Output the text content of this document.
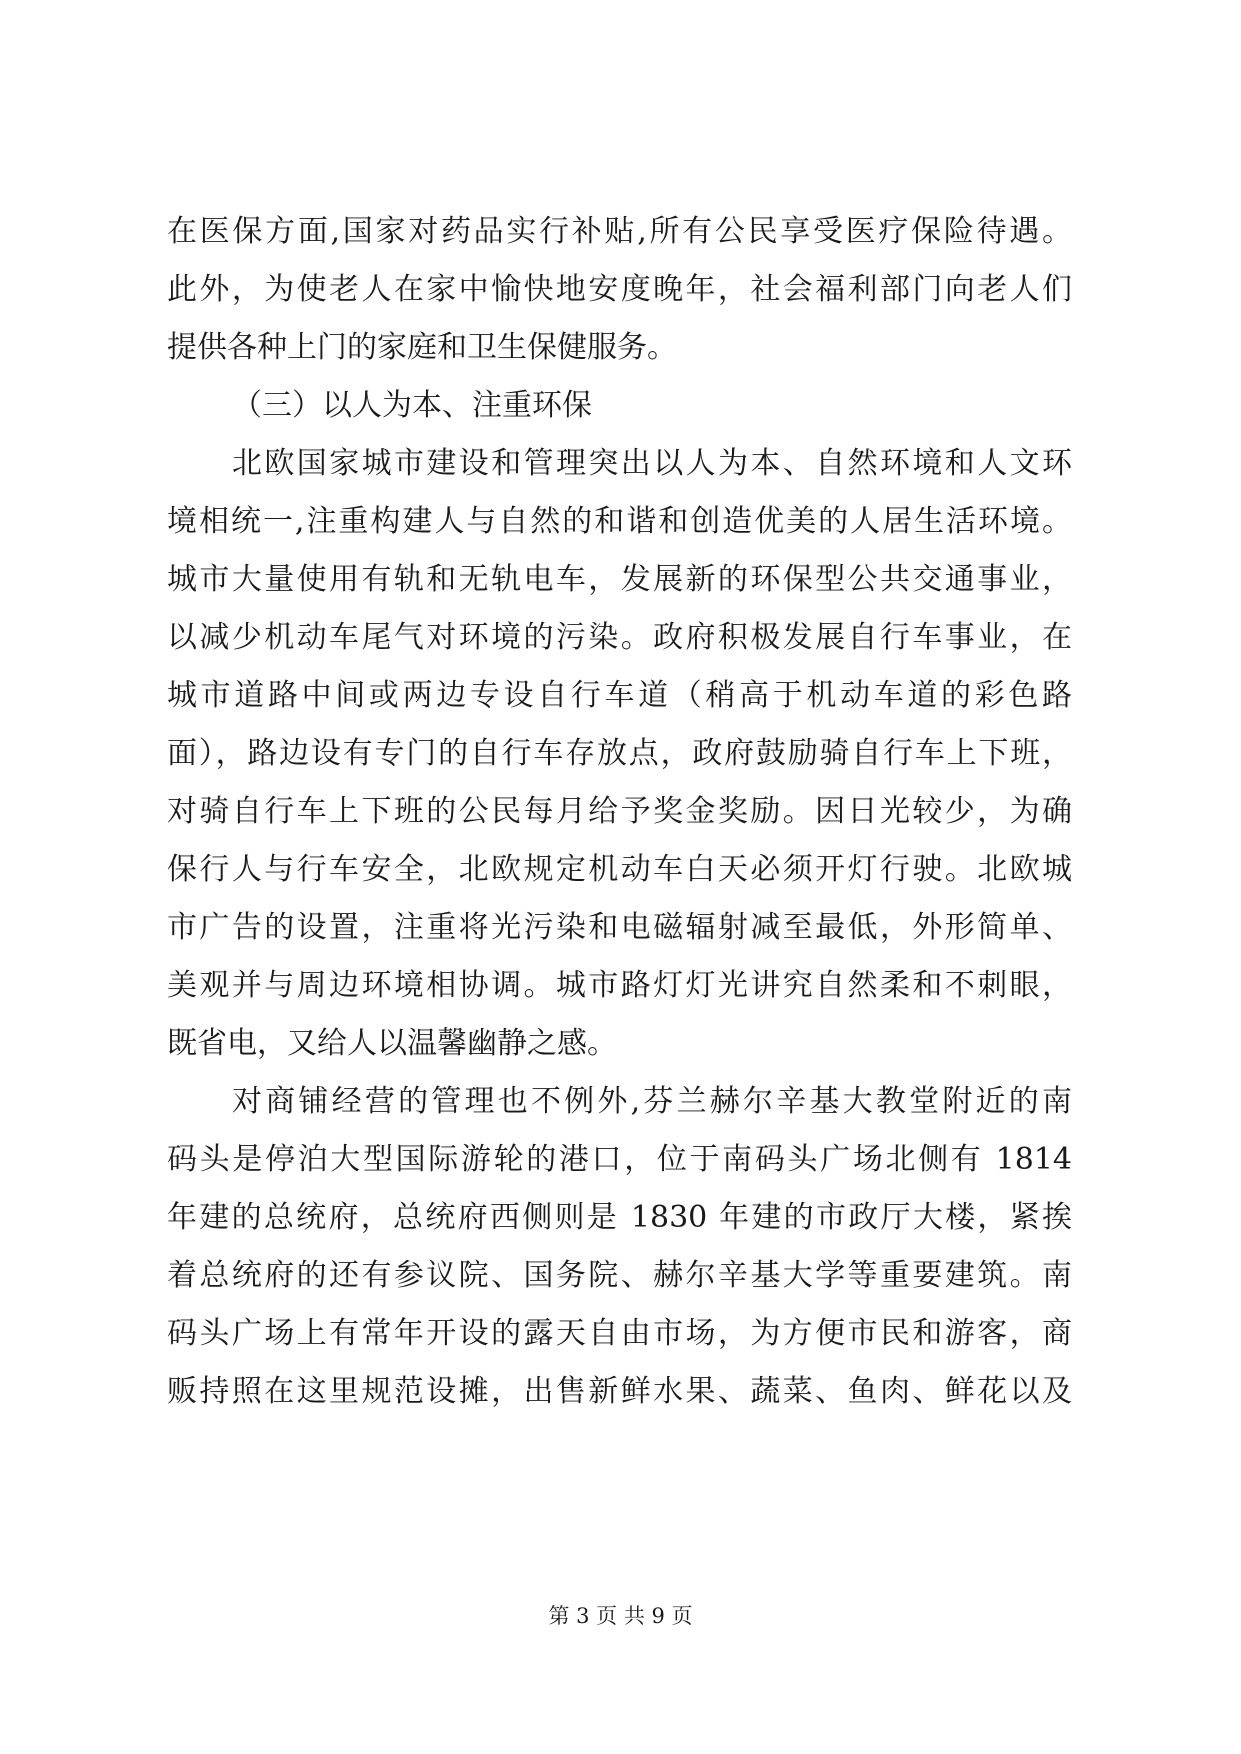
在医保方面,国家对药品实行补贴,所有公民享受医疗保险待遇。
此外，为使老人在家中愉快地安度晚年，社会福利部门向老人们
提供各种上门的家庭和卫生保健服务。
（三）以人为本、注重环保
北欧国家城市建设和管理突出以人为本、自然环境和人文环
境相统一,注重构建人与自然的和谐和创造优美的人居生活环境。
城市大量使用有轨和无轨电车，发展新的环保型公共交通事业，
以减少机动车尾气对环境的污染。政府积极发展自行车事业，在
城市道路中间或两边专设自行车道（稍高于机动车道的彩色路
面），路边设有专门的自行车存放点，政府鼓励骑自行车上下班，
对骑自行车上下班的公民每月给予奖金奖励。因日光较少，为确
保行人与行车安全，北欧规定机动车白天必须开灯行驶。北欧城
市广告的设置，注重将光污染和电磁辐射减至最低，外形简单、
美观并与周边环境相协调。城市路灯灯光讲究自然柔和不刺眼，
既省电，又给人以温馨幽静之感。
对商铺经营的管理也不例外,芬兰赫尔辛基大教堂附近的南
码头是停泊大型国际游轮的港口，位于南码头广场北侧有 1814
年建的总统府，总统府西侧则是 1830 年建的市政厅大楼，紧挨
着总统府的还有参议院、国务院、赫尔辛基大学等重要建筑。南
码头广场上有常年开设的露天自由市场，为方便市民和游客，商
贩持照在这里规范设摊，出售新鲜水果、蔬菜、鱼肉、鲜花以及
第 3 页 共 9 页
